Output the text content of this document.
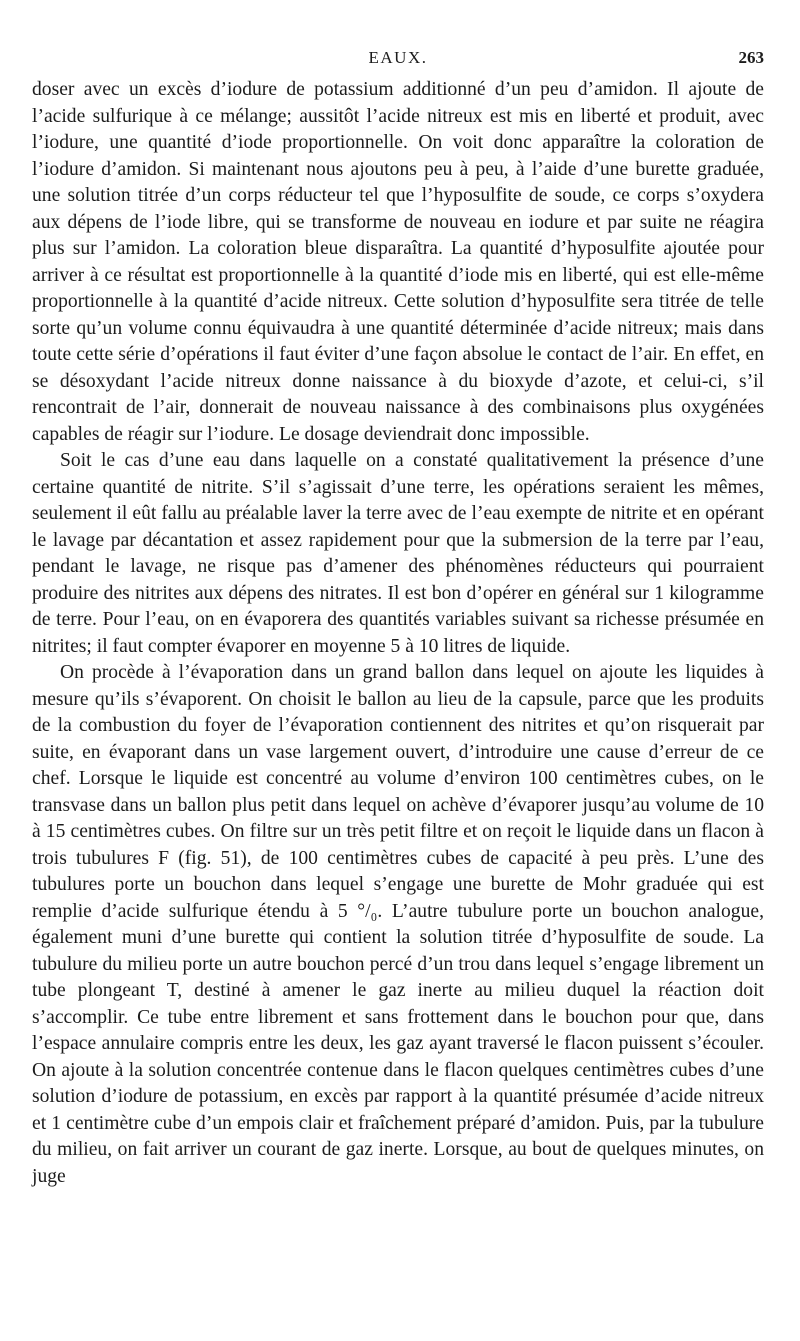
EAUX.	263

doser avec un excès d’iodure de potassium additionné d’un peu d’amidon. Il ajoute de l’acide sulfurique à ce mélange; aussitôt l’acide nitreux est mis en liberté et produit, avec l’iodure, une quantité d’iode proportionnelle. On voit donc apparaître la coloration de l’iodure d’amidon. Si maintenant nous ajoutons peu à peu, à l’aide d’une burette graduée, une solution titrée d’un corps réducteur tel que l’hyposulfite de soude, ce corps s’oxydera aux dépens de l’iode libre, qui se transforme de nouveau en iodure et par suite ne réagira plus sur l’amidon. La coloration bleue disparaîtra. La quantité d’hyposulfite ajoutée pour arriver à ce résultat est proportionnelle à la quantité d’iode mis en liberté, qui est elle-même proportionnelle à la quantité d’acide nitreux. Cette solution d’hyposulfite sera titrée de telle sorte qu’un volume connu équivaudra à une quantité déterminée d’acide nitreux; mais dans toute cette série d’opérations il faut éviter d’une façon absolue le contact de l’air. En effet, en se désoxydant l’acide nitreux donne naissance à du bioxyde d’azote, et celui-ci, s’il rencontrait de l’air, donnerait de nouveau naissance à des combinaisons plus oxygénées capables de réagir sur l’iodure. Le dosage deviendrait donc impossible.

Soit le cas d’une eau dans laquelle on a constaté qualitativement la présence d’une certaine quantité de nitrite. S’il s’agissait d’une terre, les opérations seraient les mêmes, seulement il eût fallu au préalable laver la terre avec de l’eau exempte de nitrite et en opérant le lavage par décantation et assez rapidement pour que la submersion de la terre par l’eau, pendant le lavage, ne risque pas d’amener des phénomènes réducteurs qui pourraient produire des nitrites aux dépens des nitrates. Il est bon d’opérer en général sur 1 kilogramme de terre. Pour l’eau, on en évaporera des quantités variables suivant sa richesse présumée en nitrites; il faut compter évaporer en moyenne 5 à 10 litres de liquide.

On procède à l’évaporation dans un grand ballon dans lequel on ajoute les liquides à mesure qu’ils s’évaporent. On choisit le ballon au lieu de la capsule, parce que les produits de la combustion du foyer de l’évaporation contiennent des nitrites et qu’on risquerait par suite, en évaporant dans un vase largement ouvert, d’introduire une cause d’erreur de ce chef. Lorsque le liquide est concentré au volume d’environ 100 centimètres cubes, on le transvase dans un ballon plus petit dans lequel on achève d’évaporer jusqu’au volume de 10 à 15 centimètres cubes. On filtre sur un très petit filtre et on reçoit le liquide dans un flacon à trois tubulures F (fig. 51), de 100 centimètres cubes de capacité à peu près. L’une des tubulures porte un bouchon dans lequel s’engage une burette de Mohr graduée qui est remplie d’acide sulfurique étendu à 5 °/₀. L’autre tubulure porte un bouchon analogue, également muni d’une burette qui contient la solution titrée d’hyposulfite de soude. La tubulure du milieu porte un autre bouchon percé d’un trou dans lequel s’engage librement un tube plongeant T, destiné à amener le gaz inerte au milieu duquel la réaction doit s’accomplir. Ce tube entre librement et sans frottement dans le bouchon pour que, dans l’espace annulaire compris entre les deux, les gaz ayant traversé le flacon puissent s’écouler. On ajoute à la solution concentrée contenue dans le flacon quelques centimètres cubes d’une solution d’iodure de potassium, en excès par rapport à la quantité présumée d’acide nitreux et 1 centimètre cube d’un empois clair et fraîchement préparé d’amidon. Puis, par la tubulure du milieu, on fait arriver un courant de gaz inerte. Lorsque, au bout de quelques minutes, on juge
